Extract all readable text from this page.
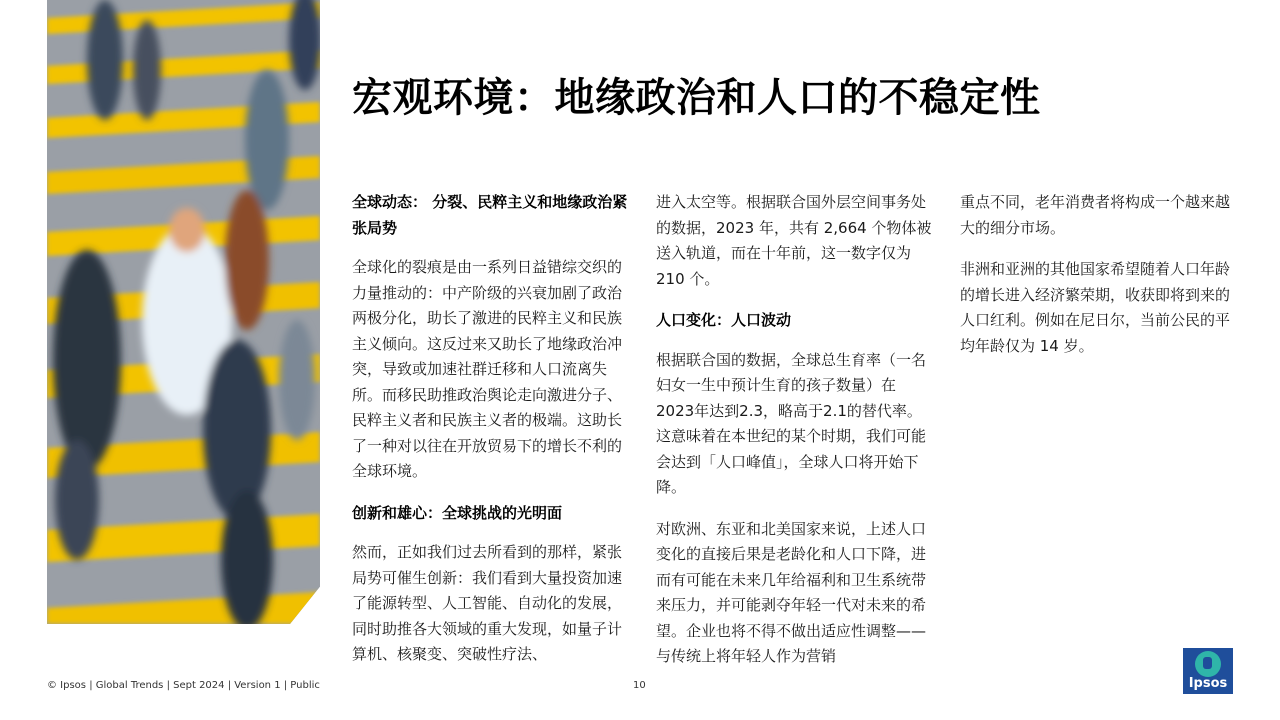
宏观环境：地缘政治和人口的不稳定性
全球动态： 分裂、民粹主义和地缘政治紧张局势

全球化的裂痕是由一系列日益错综交织的力量推动的：中产阶级的兴衰加剧了政治两极分化，助长了激进的民粹主义和民族主义倾向。这反过来又助长了地缘政治冲突，导致或加速社群迁移和人口流离失所。而移民助推政治舆论走向激进分子、民粹主义者和民族主义者的极端。这助长了一种对以往在开放贸易下的增长不利的全球环境。

创新和雄心：全球挑战的光明面

然而，正如我们过去所看到的那样，紧张局势可催生创新：我们看到大量投资加速了能源转型、人工智能、自动化的发展，同时助推各大领域的重大发现，如量子计算机、核聚变、突破性疗法、

进入太空等。根据联合国外层空间事务处的数据，2023 年，共有 2,664 个物体被送入轨道，而在十年前，这一数字仅为 210 个。

人口变化：人口波动

根据联合国的数据，全球总生育率（一名妇女一生中预计生育的孩子数量）在2023年达到2.3，略高于2.1的替代率。这意味着在本世纪的某个时期，我们可能会达到「人口峰值」，全球人口将开始下降。

对欧洲、东亚和北美国家来说，上述人口变化的直接后果是老龄化和人口下降，进而有可能在未来几年给福利和卫生系统带来压力，并可能剥夺年轻一代对未来的希望。企业也将不得不做出适应性调整——与传统上将年轻人作为营销

重点不同，老年消费者将构成一个越来越大的细分市场。

非洲和亚洲的其他国家希望随着人口年龄的增长进入经济繁荣期，收获即将到来的人口红利。例如在尼日尔，当前公民的平均年龄仅为 14 岁。

© Ipsos | Global Trends | Sept 2024 | Version 1 | Public	10	Ipsos
